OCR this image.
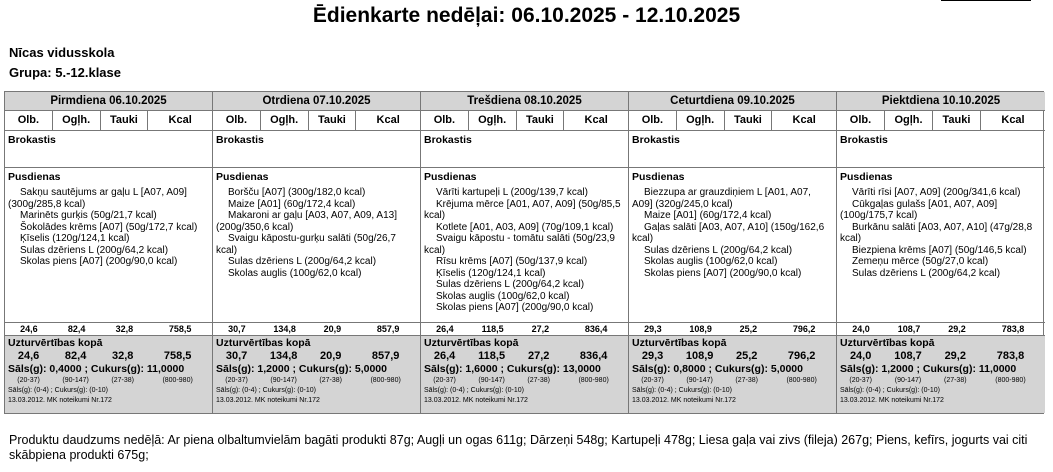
Ēdienkarte nedēļai: 06.10.2025 - 12.10.2025
Nīcas vidusskola
Grupa: 5.-12.klase
Pirmdiena 06.10.2025
Olb.	Ogļh.	Tauki	Kcal
Brokastis
Pusdienas
Sakņu sautējums ar gaļu L [A07, A09] (300g/285,8 kcal)
Marinēts gurķis (50g/21,7 kcal)
Šokolādes krēms [A07] (50g/172,7 kcal)
Ķīselis (120g/124,1 kcal)
Sulas dzēriens L (200g/64,2 kcal)
Skolas piens [A07] (200g/90,0 kcal)
24,6	82,4	32,8	758,5
Uzturvērtības kopā
24,6	82,4	32,8	758,5
Sāls(g): 0,4000 ; Cukurs(g): 11,0000
(20-37)	(90-147)	(27-38)	(800-980)
Sāls(g): (0-4) ; Cukurs(g): (0-10)
13.03.2012. MK noteikumi Nr.172
Otrdiena 07.10.2025
Olb.	Ogļh.	Tauki	Kcal
Brokastis
Pusdienas
Boršču [A07] (300g/182,0 kcal)
Maize [A01] (60g/172,4 kcal)
Makaroni ar gaļu [A03, A07, A09, A13] (200g/350,6 kcal)
Svaigu kāpostu-gurķu salāti (50g/26,7 kcal)
Sulas dzēriens L (200g/64,2 kcal)
Skolas auglis (100g/62,0 kcal)
30,7	134,8	20,9	857,9
Uzturvērtības kopā
30,7	134,8	20,9	857,9
Sāls(g): 1,2000 ; Cukurs(g): 5,0000
(20-37)	(90-147)	(27-38)	(800-980)
Sāls(g): (0-4) ; Cukurs(g): (0-10)
13.03.2012. MK noteikumi Nr.172
Trešdiena 08.10.2025
Olb.	Ogļh.	Tauki	Kcal
Brokastis
Pusdienas
Vārīti kartupeļi L (200g/139,7 kcal)
Krējuma mērce [A01, A07, A09] (50g/85,5 kcal)
Kotlete [A01, A03, A09] (70g/109,1 kcal)
Svaigu kāpostu - tomātu salāti (50g/23,9 kcal)
Rīsu krēms [A07] (50g/137,9 kcal)
Ķīselis (120g/124,1 kcal)
Sulas dzēriens L (200g/64,2 kcal)
Skolas auglis (100g/62,0 kcal)
Skolas piens [A07] (200g/90,0 kcal)
26,4	118,5	27,2	836,4
Uzturvērtības kopā
26,4	118,5	27,2	836,4
Sāls(g): 1,6000 ; Cukurs(g): 13,0000
(20-37)	(90-147)	(27-38)	(800-980)
Sāls(g): (0-4) ; Cukurs(g): (0-10)
13.03.2012. MK noteikumi Nr.172
Ceturtdiena 09.10.2025
Olb.	Ogļh.	Tauki	Kcal
Brokastis
Pusdienas
Biezzupa ar grauzdiņiem L [A01, A07, A09] (320g/245,0 kcal)
Maize [A01] (60g/172,4 kcal)
Gaļas salāti [A03, A07, A10] (150g/162,6 kcal)
Sulas dzēriens L (200g/64,2 kcal)
Skolas auglis (100g/62,0 kcal)
Skolas piens [A07] (200g/90,0 kcal)
29,3	108,9	25,2	796,2
Uzturvērtības kopā
29,3	108,9	25,2	796,2
Sāls(g): 0,8000 ; Cukurs(g): 5,0000
(20-37)	(90-147)	(27-38)	(800-980)
Sāls(g): (0-4) ; Cukurs(g): (0-10)
13.03.2012. MK noteikumi Nr.172
Piektdiena 10.10.2025
Olb.	Ogļh.	Tauki	Kcal
Brokastis
Pusdienas
Vārīti rīsi [A07, A09] (200g/341,6 kcal)
Cūkgaļas gulašs [A01, A07, A09] (100g/175,7 kcal)
Burkānu salāti [A03, A07, A10] (47g/28,8 kcal)
Biezpiena krēms [A07] (50g/146,5 kcal)
Zemeņu mērce (50g/27,0 kcal)
Sulas dzēriens L (200g/64,2 kcal)
24,0	108,7	29,2	783,8
Uzturvērtības kopā
24,0	108,7	29,2	783,8
Sāls(g): 1,2000 ; Cukurs(g): 11,0000
(20-37)	(90-147)	(27-38)	(800-980)
Sāls(g): (0-4) ; Cukurs(g): (0-10)
13.03.2012. MK noteikumi Nr.172
Produktu daudzums nedēļā: Ar piena olbaltumvielām bagāti produkti 87g; Augļi un ogas 611g; Dārzeņi 548g; Kartupeļi 478g; Liesa gaļa vai zivs (fileja) 267g; Piens, kefīrs, jogurts vai citi skābpiena produkti 675g;
